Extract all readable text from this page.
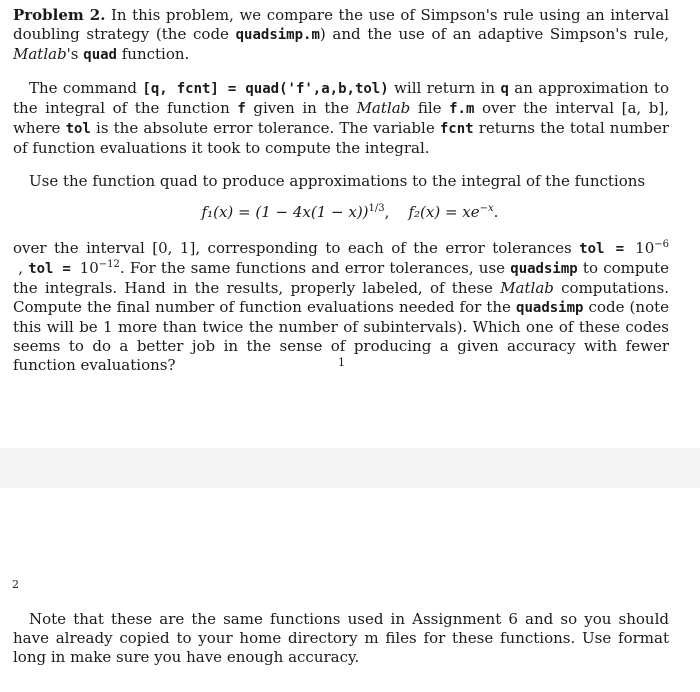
Problem 2. In this problem, we compare the use of Simpson's rule using an interval doubling strategy (the code quadsimp.m) and the use of an adaptive Simpson's rule, Matlab's quad function.

The command [q, fcnt] = quad('f',a,b,tol) will return in q an approximation to the integral of the function f given in the Matlab file f.m over the interval [a, b], where tol is the absolute error tolerance. The variable fcnt returns the total number of function evaluations it took to compute the integral.

Use the function quad to produce approximations to the integral of the functions

$f_1(x) = (1 - 4x(1 - x))^{1/3}$,    $f_2(x) = xe^{-x}$.

over the interval [0, 1], corresponding to each of the error tolerances tol = $10^{-6}$ , tol = $10^{-12}$. For the same functions and error tolerances, use quadsimp to compute the integrals. Hand in the results, properly labeled, of these Matlab computations. Compute the final number of function evaluations needed for the quadsimp code (note this will be 1 more than twice the number of subintervals). Which one of these codes seems to do a better job in the sense of producing a given accuracy with fewer function evaluations?	1
2

Note that these are the same functions used in Assignment 6 and so you should have already copied to your home directory m files for these functions. Use format long in make sure you have enough accuracy.
